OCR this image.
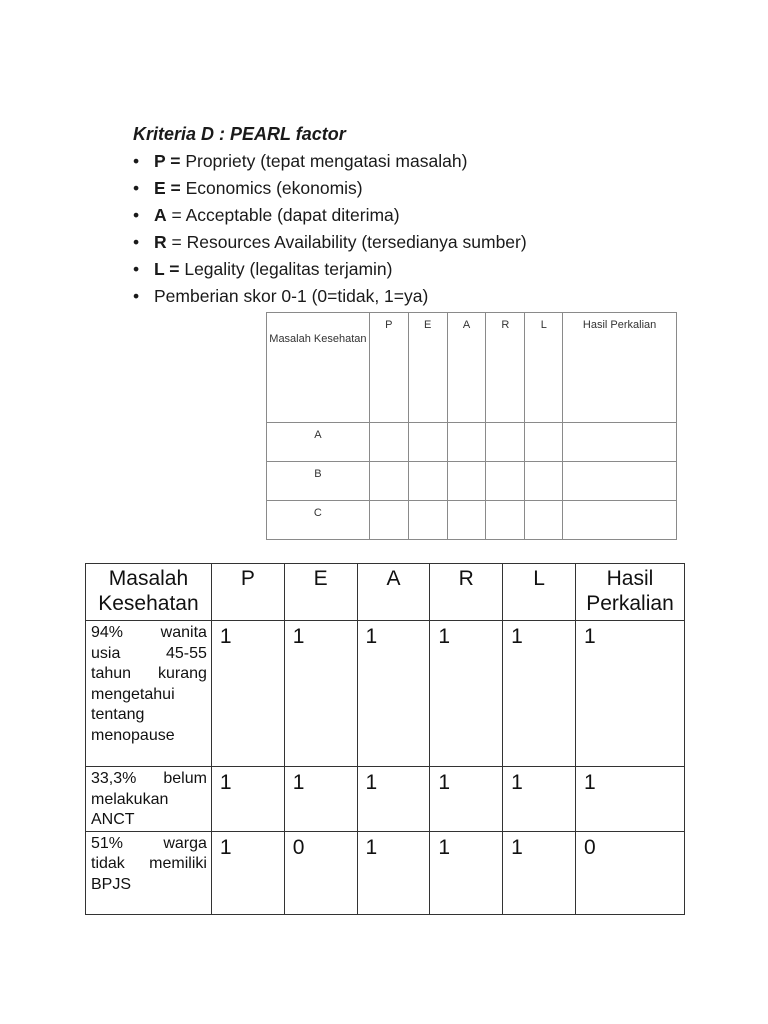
Kriteria D : PEARL factor
• P = Propriety (tepat mengatasi masalah)
• E = Economics (ekonomis)
• A = Acceptable (dapat diterima)
• R = Resources Availability (tersedianya sumber)
• L = Legality (legalitas terjamin)
• Pemberian skor 0-1 (0=tidak, 1=ya)
Masalah Kesehatan	P	E	A	R	L	Hasil Perkalian
A						
B						
C						
Masalah Kesehatan	P	E	A	R	L	Hasil Perkalian
94% wanita usia 45-55 tahun kurang mengetahui tentang menopause	1	1	1	1	1	1
33,3% belum melakukan ANCT	1	1	1	1	1	1
51% warga tidak memiliki BPJS	1	0	1	1	1	0
